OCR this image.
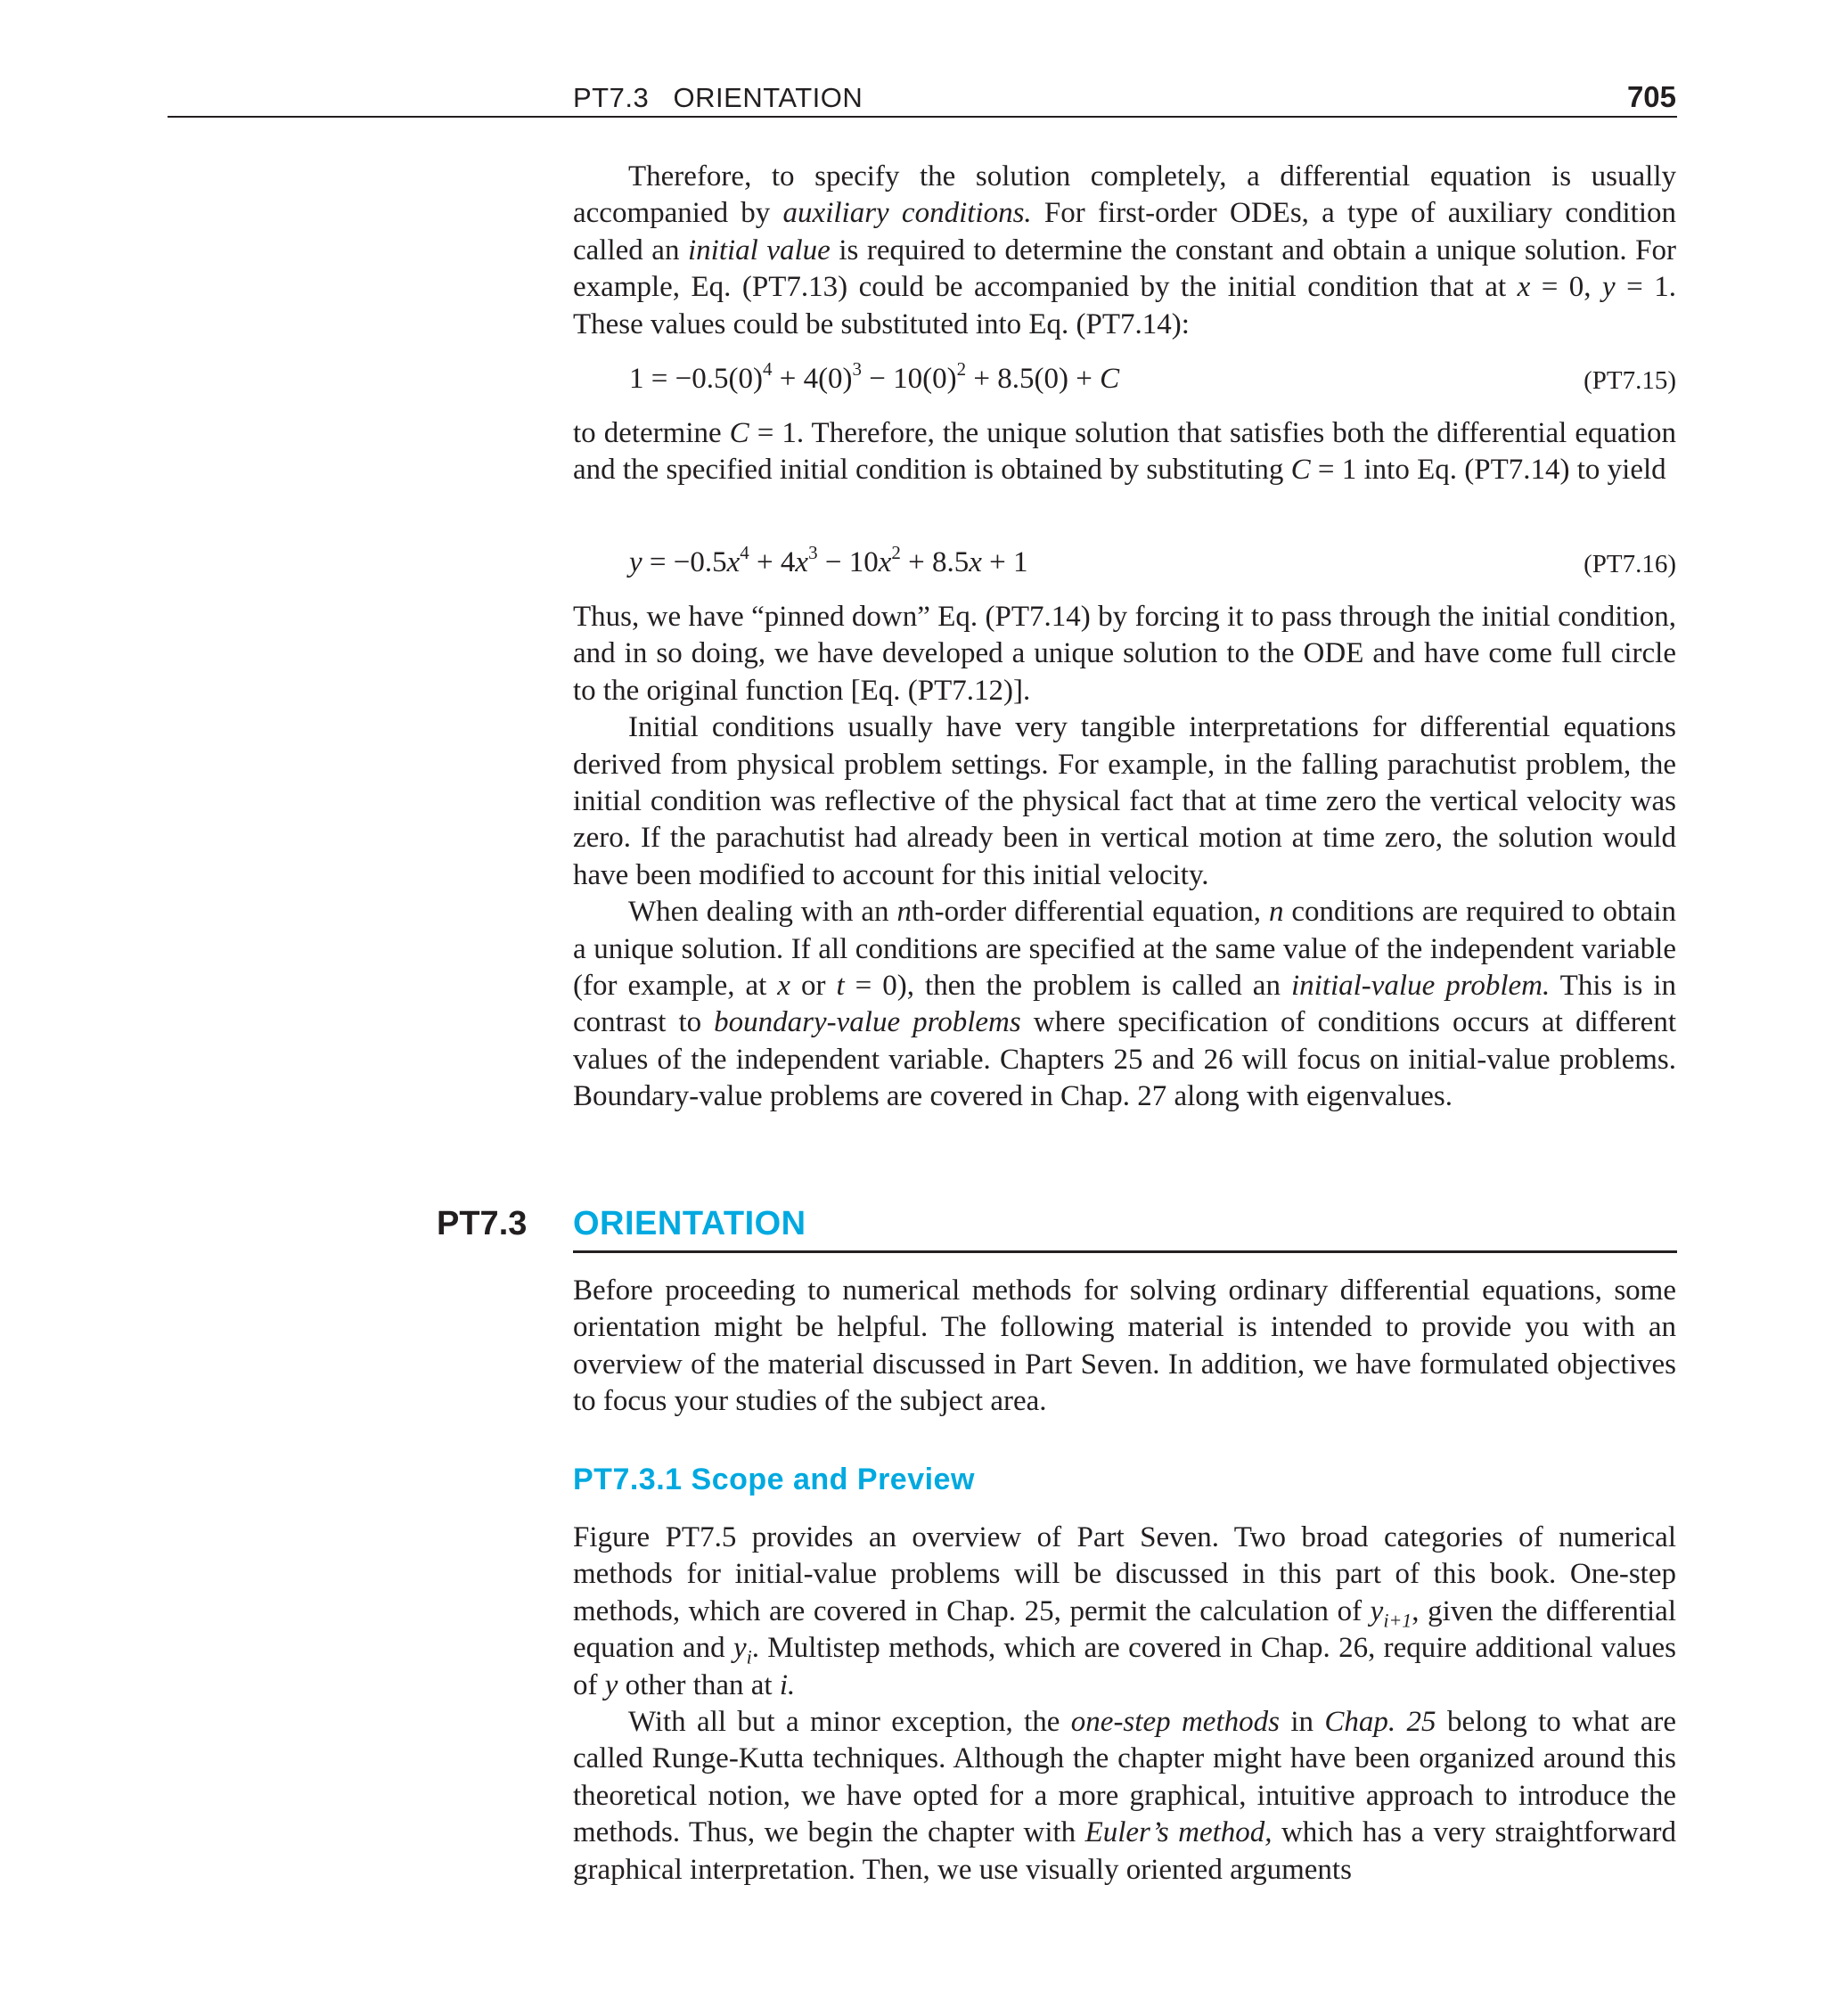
PT7.3   ORIENTATION	705

Therefore, to specify the solution completely, a differential equation is usually accompanied by auxiliary conditions. For first-order ODEs, a type of auxiliary condition called an initial value is required to determine the constant and obtain a unique solution. For example, Eq. (PT7.13) could be accompanied by the initial condition that at x = 0, y = 1. These values could be substituted into Eq. (PT7.14):

$1 = -0.5(0)^4 + 4(0)^3 - 10(0)^2 + 8.5(0) + C$	(PT7.15)

to determine C = 1. Therefore, the unique solution that satisfies both the differential equation and the specified initial condition is obtained by substituting C = 1 into Eq. (PT7.14) to yield

$y = -0.5x^4 + 4x^3 - 10x^2 + 8.5x + 1$	(PT7.16)

Thus, we have “pinned down” Eq. (PT7.14) by forcing it to pass through the initial condition, and in so doing, we have developed a unique solution to the ODE and have come full circle to the original function [Eq. (PT7.12)].

Initial conditions usually have very tangible interpretations for differential equations derived from physical problem settings. For example, in the falling parachutist problem, the initial condition was reflective of the physical fact that at time zero the vertical velocity was zero. If the parachutist had already been in vertical motion at time zero, the solution would have been modified to account for this initial velocity.

When dealing with an nth-order differential equation, n conditions are required to obtain a unique solution. If all conditions are specified at the same value of the independent variable (for example, at x or t = 0), then the problem is called an initial-value problem. This is in contrast to boundary-value problems where specification of conditions occurs at different values of the independent variable. Chapters 25 and 26 will focus on initial-value problems. Boundary-value problems are covered in Chap. 27 along with eigenvalues.

PT7.3 ORIENTATION

Before proceeding to numerical methods for solving ordinary differential equations, some orientation might be helpful. The following material is intended to provide you with an overview of the material discussed in Part Seven. In addition, we have formulated objectives to focus your studies of the subject area.

PT7.3.1 Scope and Preview

Figure PT7.5 provides an overview of Part Seven. Two broad categories of numerical methods for initial-value problems will be discussed in this part of this book. One-step methods, which are covered in Chap. 25, permit the calculation of $y_{i+1}$, given the differential equation and $y_i$. Multistep methods, which are covered in Chap. 26, require additional values of y other than at i.

With all but a minor exception, the one-step methods in Chap. 25 belong to what are called Runge-Kutta techniques. Although the chapter might have been organized around this theoretical notion, we have opted for a more graphical, intuitive approach to introduce the methods. Thus, we begin the chapter with Euler’s method, which has a very straightforward graphical interpretation. Then, we use visually oriented arguments
